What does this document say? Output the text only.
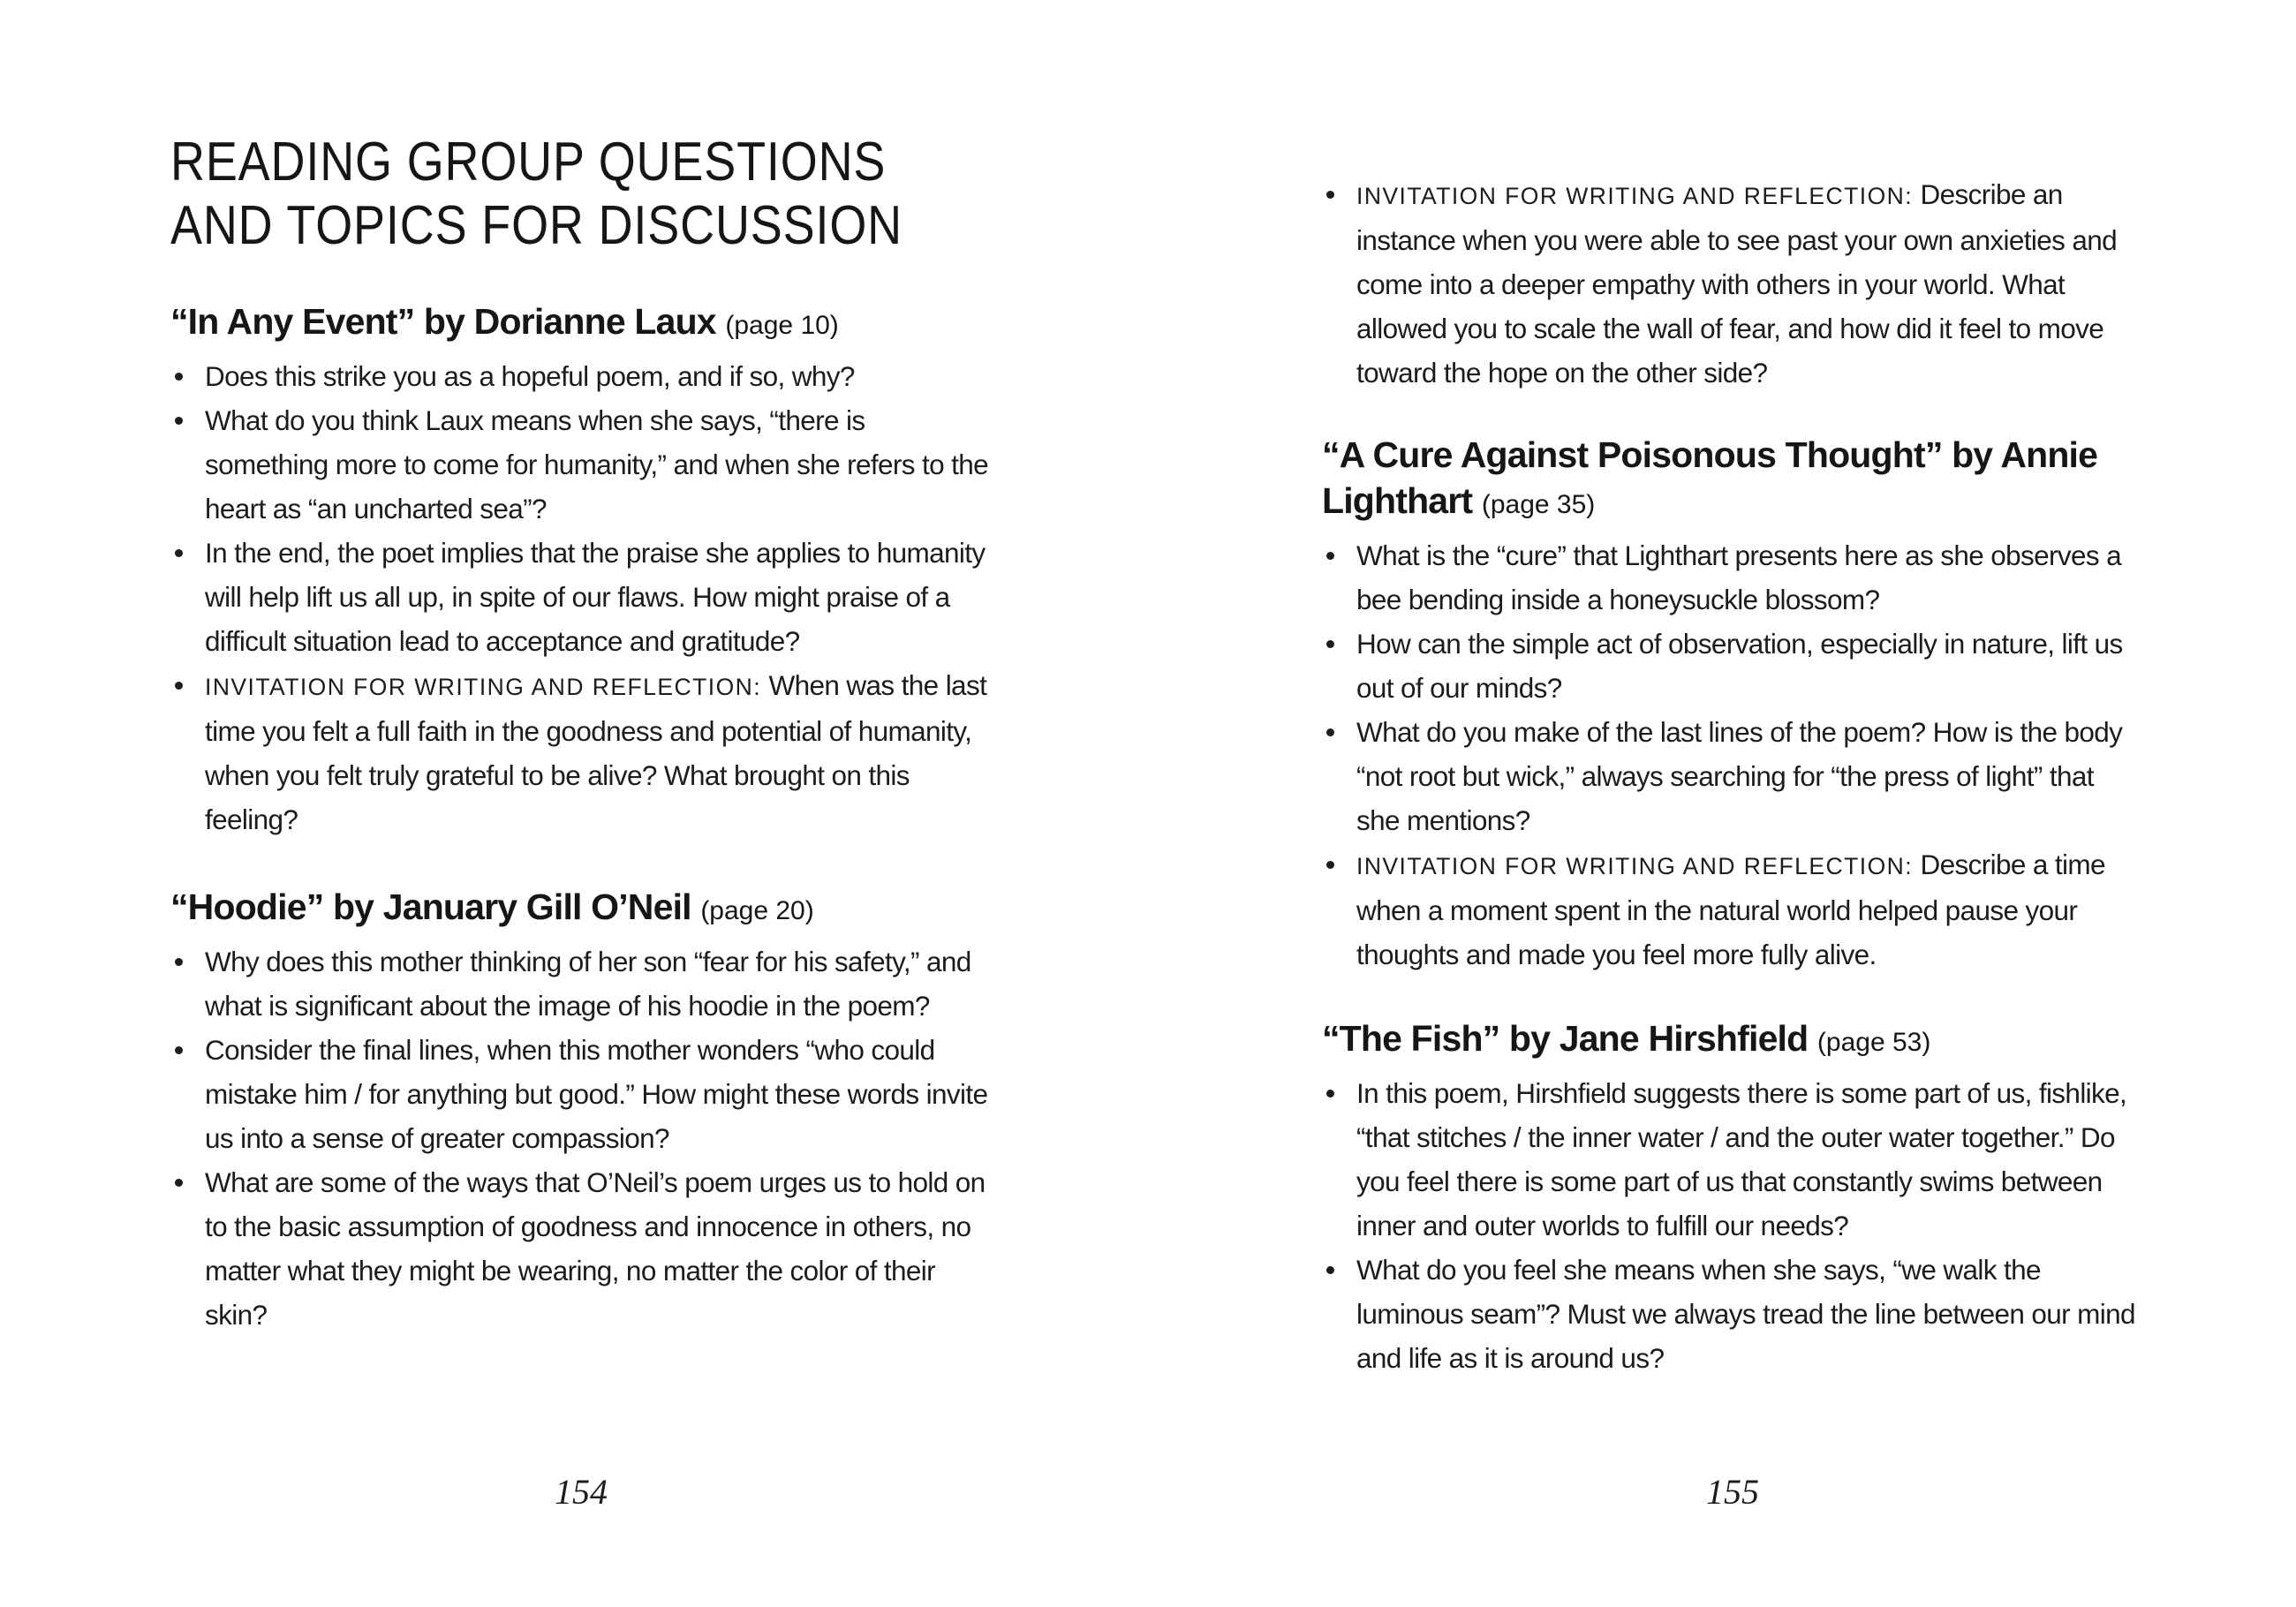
READING GROUP QUESTIONS
AND TOPICS FOR DISCUSSION
“In Any Event” by Dorianne Laux (page 10)
Does this strike you as a hopeful poem, and if so, why?
What do you think Laux means when she says, “there is something more to come for humanity,” and when she refers to the heart as “an uncharted sea”?
In the end, the poet implies that the praise she applies to humanity will help lift us all up, in spite of our flaws. How might praise of a difficult situation lead to acceptance and gratitude?
INVITATION FOR WRITING AND REFLECTION: When was the last time you felt a full faith in the goodness and potential of humanity, when you felt truly grateful to be alive? What brought on this feeling?
“Hoodie” by January Gill O’Neil (page 20)
Why does this mother thinking of her son “fear for his safety,” and what is significant about the image of his hoodie in the poem?
Consider the final lines, when this mother wonders “who could mistake him / for anything but good.” How might these words invite us into a sense of greater compassion?
What are some of the ways that O’Neil’s poem urges us to hold on to the basic assumption of goodness and innocence in others, no matter what they might be wearing, no matter the color of their skin?
154
INVITATION FOR WRITING AND REFLECTION: Describe an instance when you were able to see past your own anxieties and come into a deeper empathy with others in your world. What allowed you to scale the wall of fear, and how did it feel to move toward the hope on the other side?
“A Cure Against Poisonous Thought” by Annie Lighthart (page 35)
What is the “cure” that Lighthart presents here as she observes a bee bending inside a honeysuckle blossom?
How can the simple act of observation, especially in nature, lift us out of our minds?
What do you make of the last lines of the poem? How is the body “not root but wick,” always searching for “the press of light” that she mentions?
INVITATION FOR WRITING AND REFLECTION: Describe a time when a moment spent in the natural world helped pause your thoughts and made you feel more fully alive.
“The Fish” by Jane Hirshfield (page 53)
In this poem, Hirshfield suggests there is some part of us, fishlike, “that stitches / the inner water / and the outer water together.” Do you feel there is some part of us that constantly swims between inner and outer worlds to fulfill our needs?
What do you feel she means when she says, “we walk the luminous seam”? Must we always tread the line between our mind and life as it is around us?
155
